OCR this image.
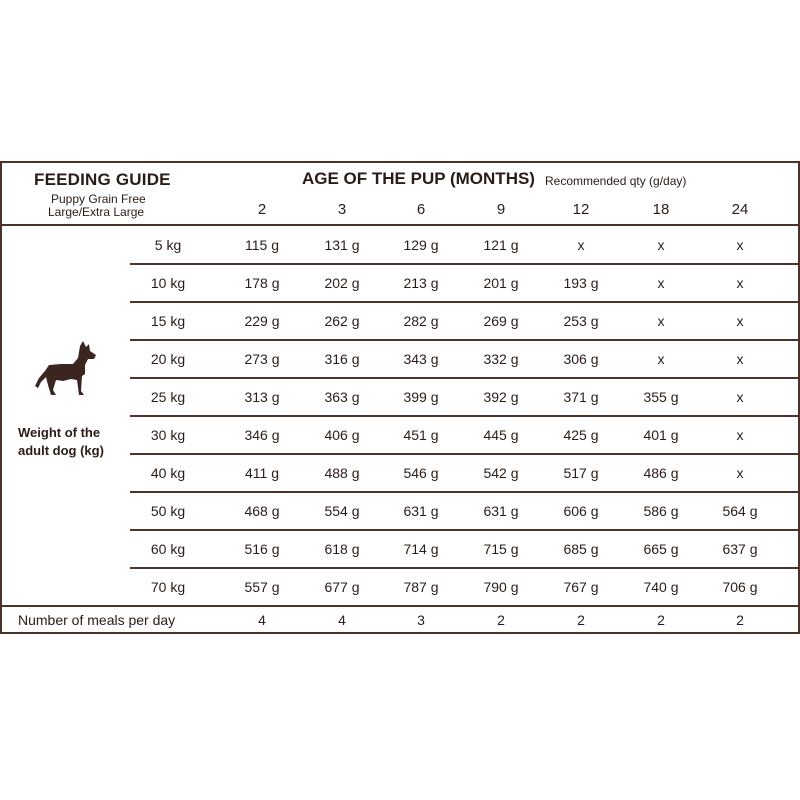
FEEDING GUIDE
Puppy Grain Free
Large/Extra Large
AGE OF THE PUP (MONTHS) Recommended qty (g/day)
2	3	6	9	12	18	24
Weight of the adult dog (kg)
5 kg	115 g	131 g	129 g	121 g	x	x	x
10 kg	178 g	202 g	213 g	201 g	193 g	x	x
15 kg	229 g	262 g	282 g	269 g	253 g	x	x
20 kg	273 g	316 g	343 g	332 g	306 g	x	x
25 kg	313 g	363 g	399 g	392 g	371 g	355 g	x
30 kg	346 g	406 g	451 g	445 g	425 g	401 g	x
40 kg	411 g	488 g	546 g	542 g	517 g	486 g	x
50 kg	468 g	554 g	631 g	631 g	606 g	586 g	564 g
60 kg	516 g	618 g	714 g	715 g	685 g	665 g	637 g
70 kg	557 g	677 g	787 g	790 g	767 g	740 g	706 g
Number of meals per day	4	4	3	2	2	2	2
